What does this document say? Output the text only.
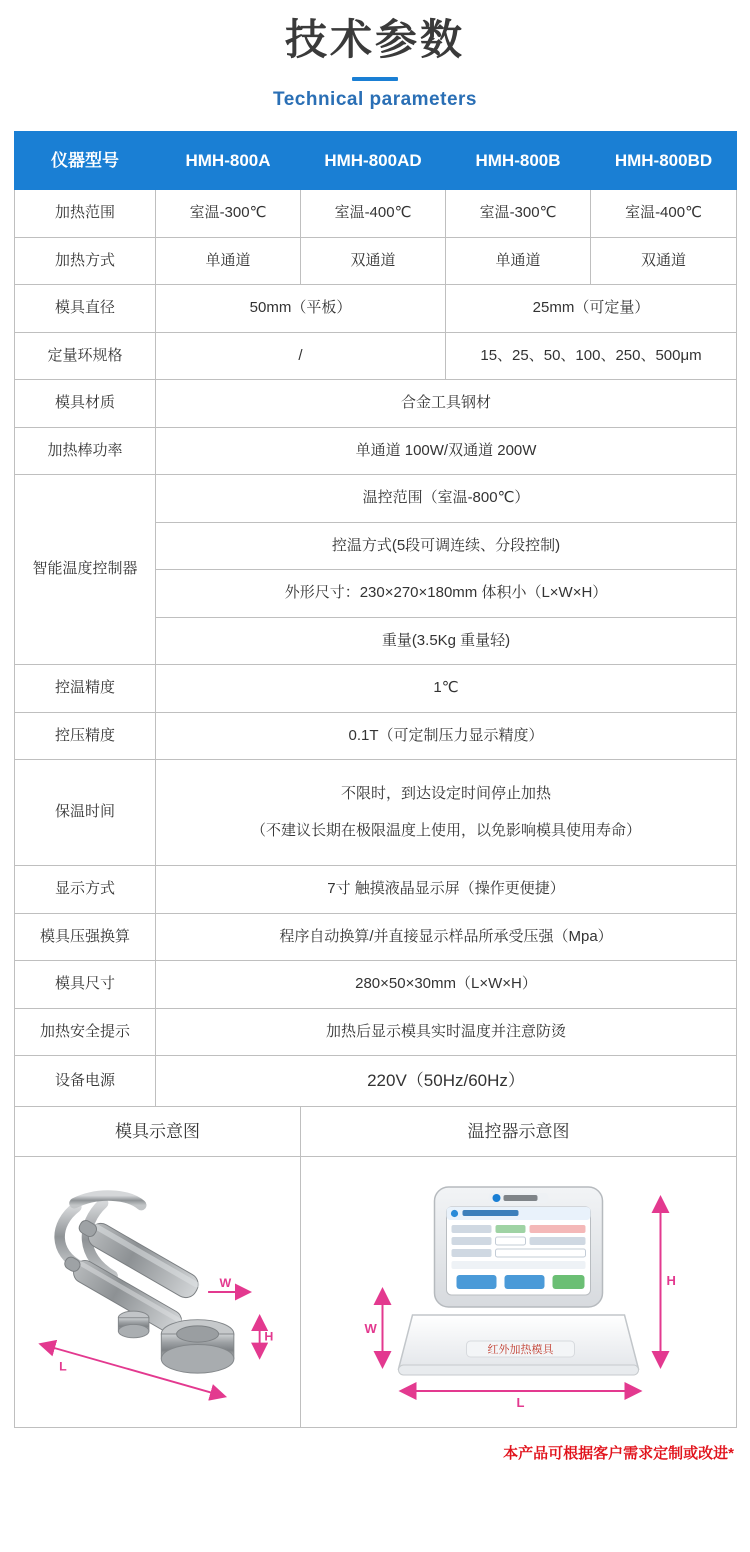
技术参数
Technical parameters
仪器型号	HMH-800A	HMH-800AD	HMH-800B	HMH-800BD
加热范围	室温-300℃	室温-400℃	室温-300℃	室温-400℃
加热方式	单通道	双通道	单通道	双通道
模具直径	50mm（平板）		25mm（可定量）	
定量环规格	/		15、25、50、100、250、500μm	
模具材质	合金工具钢材			
加热棒功率	单通道 100W/双通道 200W			
智能温度控制器	温控范围（室温-800℃）			
	控温方式(5段可调连续、分段控制)			
	外形尺寸：230×270×180mm 体积小（L×W×H）			
	重量(3.5Kg 重量轻)			
控温精度	1℃			
控压精度	0.1T（可定制压力显示精度）			
保温时间	不限时，到达设定时间停止加热
（不建议长期在极限温度上使用，以免影响模具使用寿命）			

显示方式	7寸 触摸液晶显示屏（操作更便捷）			
模具压强换算	程序自动换算/并直接显示样品所承受压强（Mpa）			
模具尺寸	280×50×30mm（L×W×H）			
加热安全提示	加热后显示模具实时温度并注意防烫			
设备电源	220V（50Hz/60Hz）			
模具示意图		温控器示意图		

W
H
L		红外加热模具
H
W
L		
本产品可根据客户需求定制或改进*
